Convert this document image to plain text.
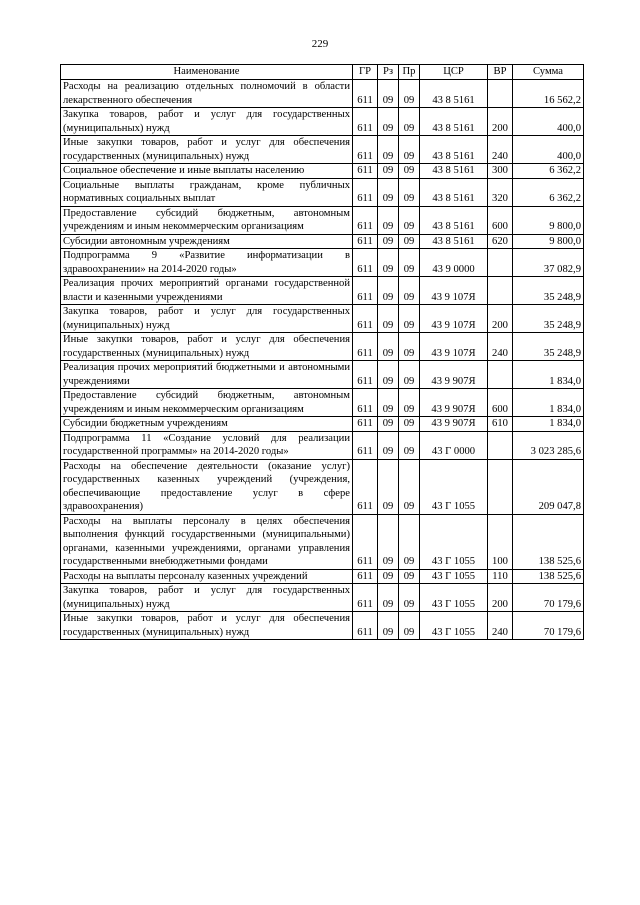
229
Наименование	ГР	Рз	Пр	ЦСР	ВР	Сумма
Расходы на реализацию отдельных полномочий в области лекарственного обеспечения	611	09	09	43 8 5161		16 562,2
Закупка товаров, работ и услуг для государственных (муниципальных) нужд	611	09	09	43 8 5161	200	400,0
Иные закупки товаров, работ и услуг для обеспечения государственных (муниципальных) нужд	611	09	09	43 8 5161	240	400,0
Социальное обеспечение и иные выплаты населению	611	09	09	43 8 5161	300	6 362,2
Социальные выплаты гражданам, кроме публичных нормативных социальных выплат	611	09	09	43 8 5161	320	6 362,2
Предоставление субсидий бюджетным, автономным учреждениям и иным некоммерческим организациям	611	09	09	43 8 5161	600	9 800,0
Субсидии автономным учреждениям	611	09	09	43 8 5161	620	9 800,0
Подпрограмма 9 «Развитие информатизации в здравоохранении» на 2014-2020 годы»	611	09	09	43 9 0000		37 082,9
Реализация прочих мероприятий органами государственной власти и казенными учреждениями	611	09	09	43 9 107Я		35 248,9
Закупка товаров, работ и услуг для государственных (муниципальных) нужд	611	09	09	43 9 107Я	200	35 248,9
Иные закупки товаров, работ и услуг для обеспечения государственных (муниципальных) нужд	611	09	09	43 9 107Я	240	35 248,9
Реализация прочих мероприятий бюджетными и автономными учреждениями	611	09	09	43 9 907Я		1 834,0
Предоставление субсидий бюджетным, автономным учреждениям и иным некоммерческим организациям	611	09	09	43 9 907Я	600	1 834,0
Субсидии бюджетным учреждениям	611	09	09	43 9 907Я	610	1 834,0
Подпрограмма 11 «Создание условий для реализации государственной программы» на 2014-2020 годы»	611	09	09	43 Г 0000		3 023 285,6
Расходы на обеспечение деятельности (оказание услуг) государственных казенных учреждений (учреждения, обеспечивающие предоставление услуг в сфере здравоохранения)	611	09	09	43 Г 1055		209 047,8
Расходы на выплаты персоналу в целях обеспечения выполнения функций государственными (муниципальными) органами, казенными учреждениями, органами управления государственными внебюджетными фондами	611	09	09	43 Г 1055	100	138 525,6
Расходы на выплаты персоналу казенных учреждений	611	09	09	43 Г 1055	110	138 525,6
Закупка товаров, работ и услуг для государственных (муниципальных) нужд	611	09	09	43 Г 1055	200	70 179,6
Иные закупки товаров, работ и услуг для обеспечения государственных (муниципальных) нужд	611	09	09	43 Г 1055	240	70 179,6
